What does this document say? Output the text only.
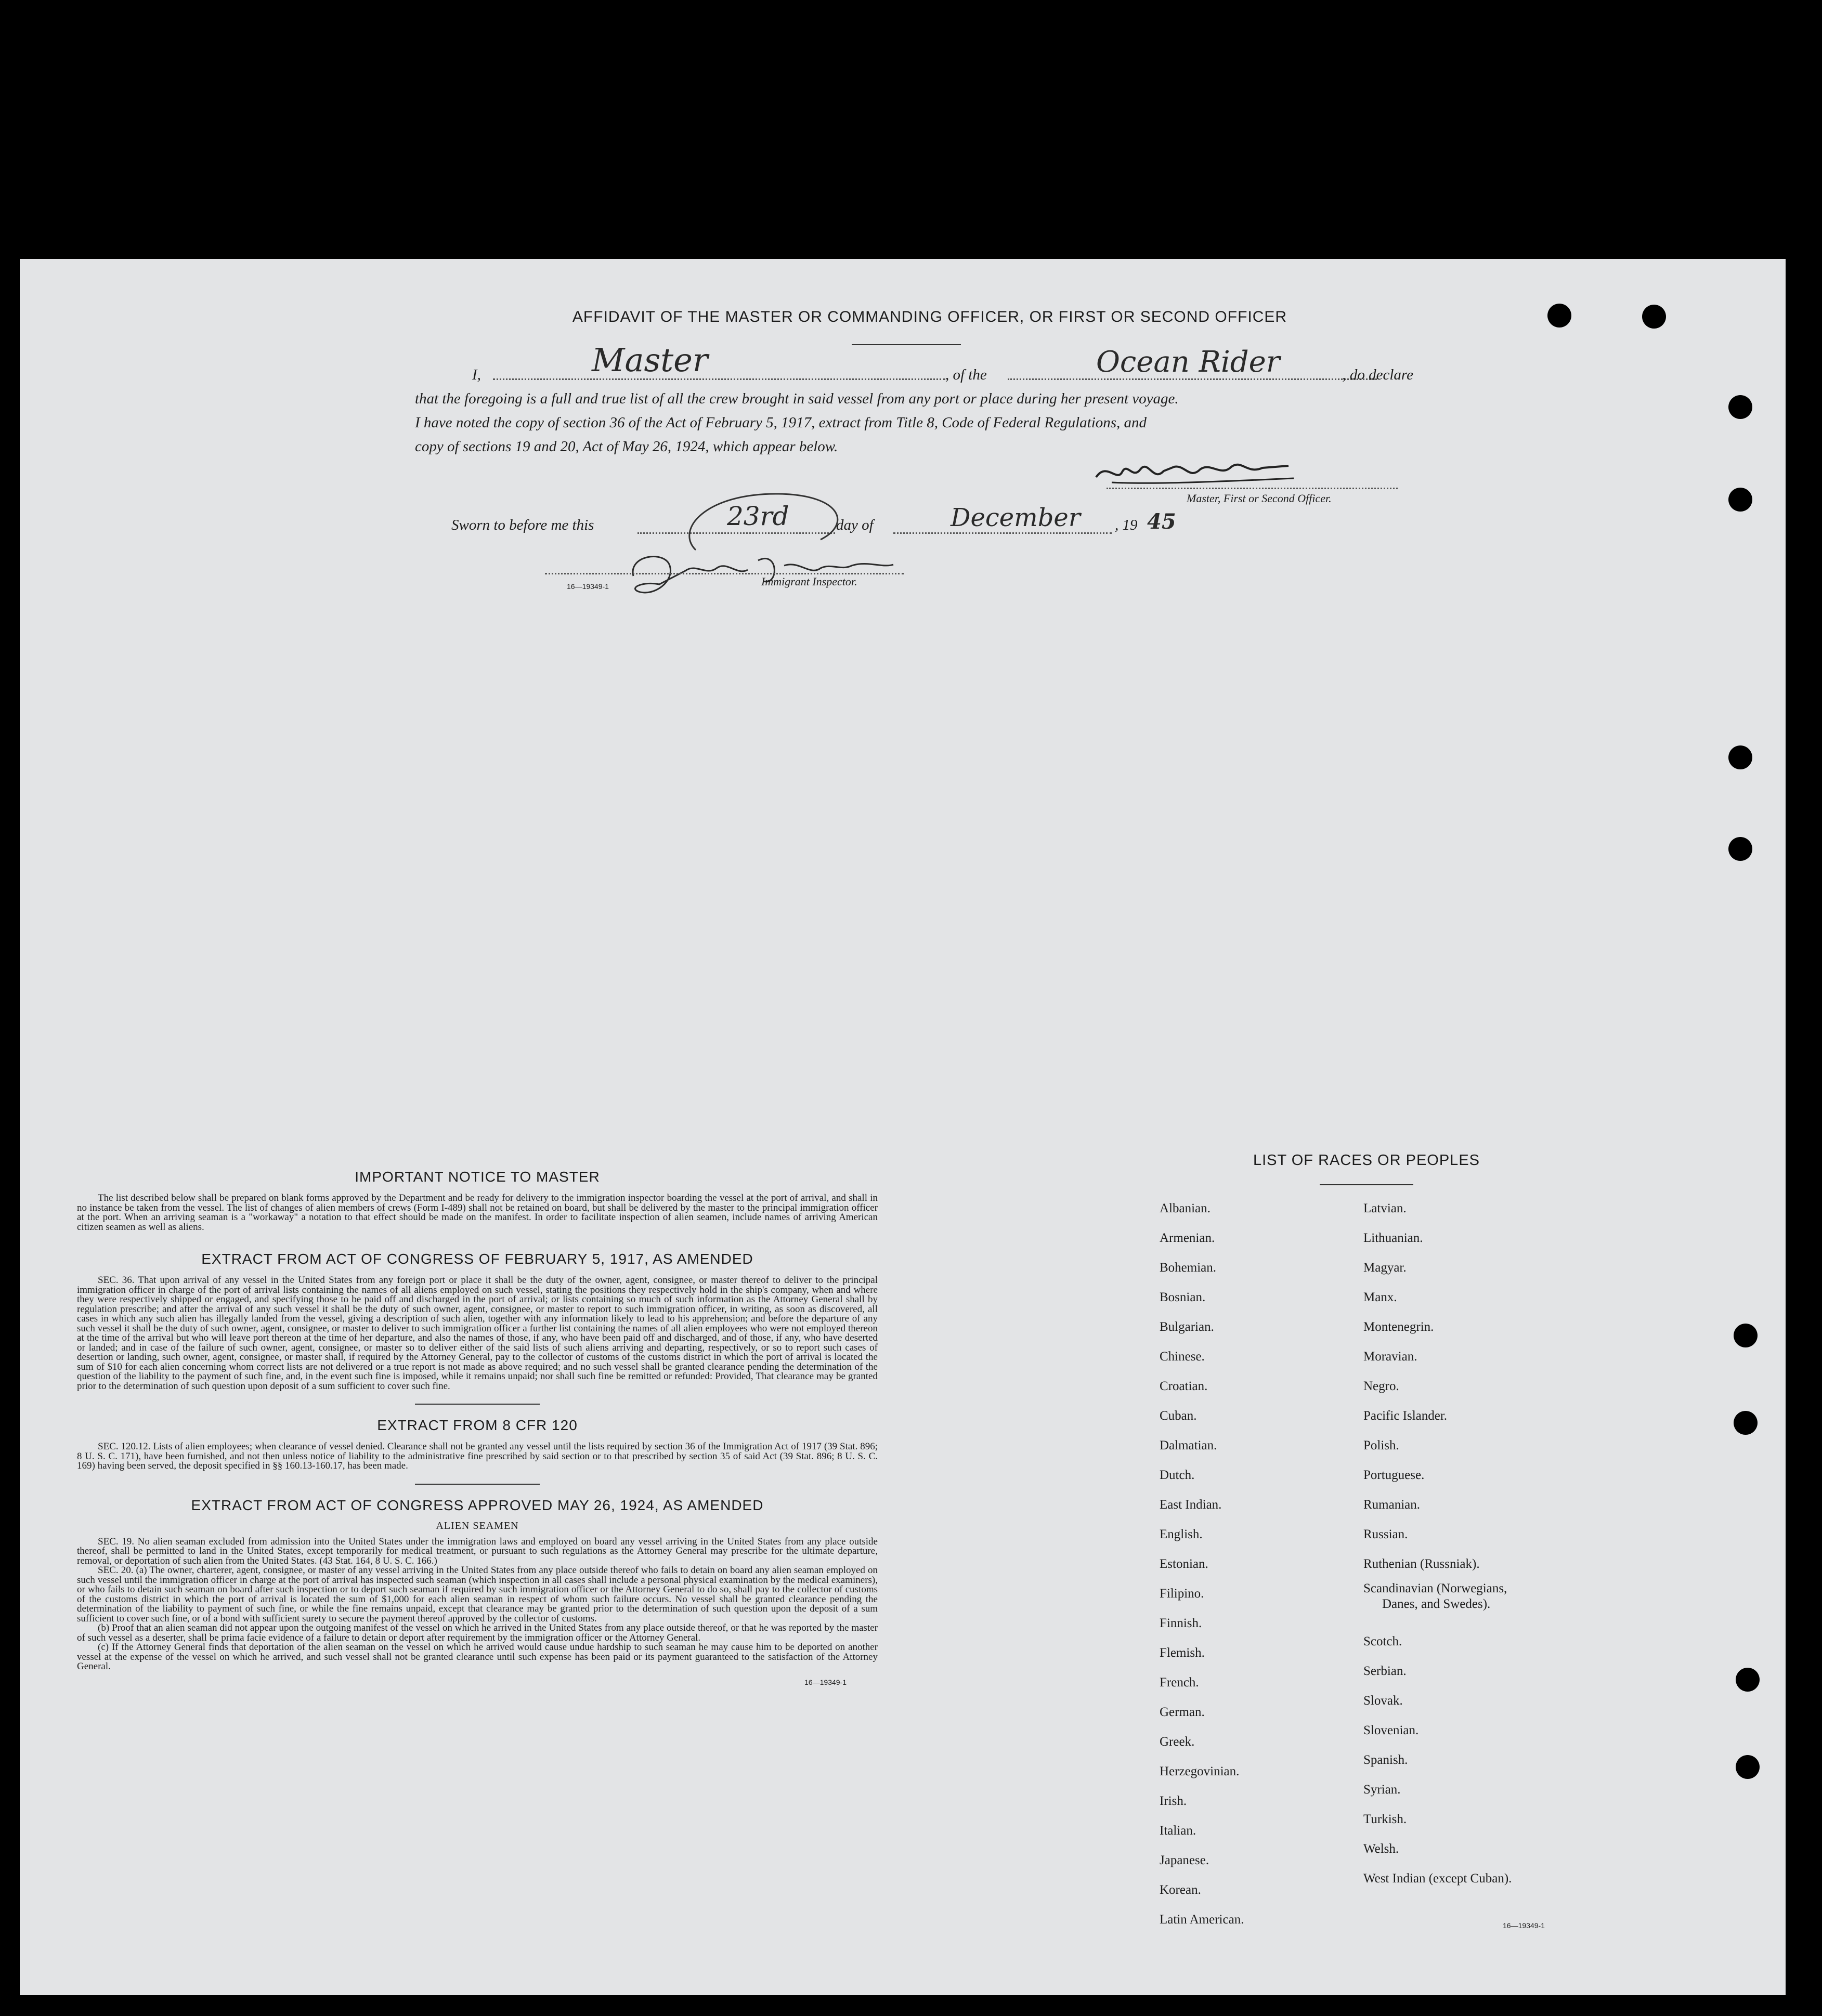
AFFIDAVIT OF THE MASTER OR COMMANDING OFFICER, OR FIRST OR SECOND OFFICER
I,	Master	, of the	Ocean Rider	, do declare

that the foregoing is a full and true list of all the crew brought in said vessel from any port or place during her present voyage.

I have noted the copy of section 36 of the Act of February 5, 1917, extract from Title 8, Code of Federal Regulations, and

copy of sections 19 and 20, Act of May 26, 1924, which appear below.

Master, First or Second Officer.
Sworn to before me this	23rd	day of	December , 19 45
16—19349-1	Immigrant Inspector.
IMPORTANT NOTICE TO MASTER

The list described below shall be prepared on blank forms approved by the Department and be ready for delivery to the immigration inspector boarding the vessel at the port of arrival, and shall in no instance be taken from the vessel. The list of changes of alien members of crews (Form I-489) shall not be retained on board, but shall be delivered by the master to the principal immigration officer at the port. When an arriving seaman is a "workaway" a notation to that effect should be made on the manifest. In order to facilitate inspection of alien seamen, include names of arriving American citizen seamen as well as aliens.

EXTRACT FROM ACT OF CONGRESS OF FEBRUARY 5, 1917, AS AMENDED

SEC. 36. That upon arrival of any vessel in the United States from any foreign port or place it shall be the duty of the owner, agent, consignee, or master thereof to deliver to the principal immigration officer in charge of the port of arrival lists containing the names of all aliens employed on such vessel, stating the positions they respectively hold in the ship's company, when and where they were respectively shipped or engaged, and specifying those to be paid off and discharged in the port of arrival; or lists containing so much of such information as the Attorney General shall by regulation prescribe; and after the arrival of any such vessel it shall be the duty of such owner, agent, consignee, or master to report to such immigration officer, in writing, as soon as discovered, all cases in which any such alien has illegally landed from the vessel, giving a description of such alien, together with any information likely to lead to his apprehension; and before the departure of any such vessel it shall be the duty of such owner, agent, consignee, or master to deliver to such immigration officer a further list containing the names of all alien employees who were not employed thereon at the time of the arrival but who will leave port thereon at the time of her departure, and also the names of those, if any, who have been paid off and discharged, and of those, if any, who have deserted or landed; and in case of the failure of such owner, agent, consignee, or master so to deliver either of the said lists of such aliens arriving and departing, respectively, or so to report such cases of desertion or landing, such owner, agent, consignee, or master shall, if required by the Attorney General, pay to the collector of customs of the customs district in which the port of arrival is located the sum of $10 for each alien concerning whom correct lists are not delivered or a true report is not made as above required; and no such vessel shall be granted clearance pending the determination of the question of the liability to the payment of such fine, and, in the event such fine is imposed, while it remains unpaid; nor shall such fine be remitted or refunded: Provided, That clearance may be granted prior to the determination of such question upon deposit of a sum sufficient to cover such fine.

EXTRACT FROM 8 CFR 120

SEC. 120.12. Lists of alien employees; when clearance of vessel denied. Clearance shall not be granted any vessel until the lists required by section 36 of the Immigration Act of 1917 (39 Stat. 896; 8 U. S. C. 171), have been furnished, and not then unless notice of liability to the administrative fine prescribed by said section or to that prescribed by section 35 of said Act (39 Stat. 896; 8 U. S. C. 169) having been served, the deposit specified in §§ 160.13-160.17, has been made.

EXTRACT FROM ACT OF CONGRESS APPROVED MAY 26, 1924, AS AMENDED
ALIEN SEAMEN

SEC. 19. No alien seaman excluded from admission into the United States under the immigration laws and employed on board any vessel arriving in the United States from any place outside thereof, shall be permitted to land in the United States, except temporarily for medical treatment, or pursuant to such regulations as the Attorney General may prescribe for the ultimate departure, removal, or deportation of such alien from the United States. (43 Stat. 164, 8 U. S. C. 166.)

SEC. 20. (a) The owner, charterer, agent, consignee, or master of any vessel arriving in the United States from any place outside thereof who fails to detain on board any alien seaman employed on such vessel until the immigration officer in charge at the port of arrival has inspected such seaman (which inspection in all cases shall include a personal physical examination by the medical examiners), or who fails to detain such seaman on board after such inspection or to deport such seaman if required by such immigration officer or the Attorney General to do so, shall pay to the collector of customs of the customs district in which the port of arrival is located the sum of $1,000 for each alien seaman in respect of whom such failure occurs. No vessel shall be granted clearance pending the determination of the liability to payment of such fine, or while the fine remains unpaid, except that clearance may be granted prior to the determination of such question upon the deposit of a sum sufficient to cover such fine, or of a bond with sufficient surety to secure the payment thereof approved by the collector of customs.

(b) Proof that an alien seaman did not appear upon the outgoing manifest of the vessel on which he arrived in the United States from any place outside thereof, or that he was reported by the master of such vessel as a deserter, shall be prima facie evidence of a failure to detain or deport after requirement by the immigration officer or the Attorney General.

(c) If the Attorney General finds that deportation of the alien seaman on the vessel on which he arrived would cause undue hardship to such seaman he may cause him to be deported on another vessel at the expense of the vessel on which he arrived, and such vessel shall not be granted clearance until such expense has been paid or its payment guaranteed to the satisfaction of the Attorney General.

16—19349-1
LIST OF RACES OR PEOPLES
Albanian.
Armenian.
Bohemian.
Bosnian.
Bulgarian.
Chinese.
Croatian.
Cuban.
Dalmatian.
Dutch.
East Indian.
English.
Estonian.
Filipino.
Finnish.
Flemish.
French.
German.
Greek.
Herzegovinian.
Irish.
Italian.
Japanese.
Korean.
Latin American.
Latvian.
Lithuanian.
Magyar.
Manx.
Montenegrin.
Moravian.
Negro.
Pacific Islander.
Polish.
Portuguese.
Rumanian.
Russian.
Ruthenian (Russniak).
Scandinavian (Norwegians,
Danes, and Swedes).
Scotch.
Serbian.
Slovak.
Slovenian.
Spanish.
Syrian.
Turkish.
Welsh.
West Indian (except Cuban).
16—19349-1
